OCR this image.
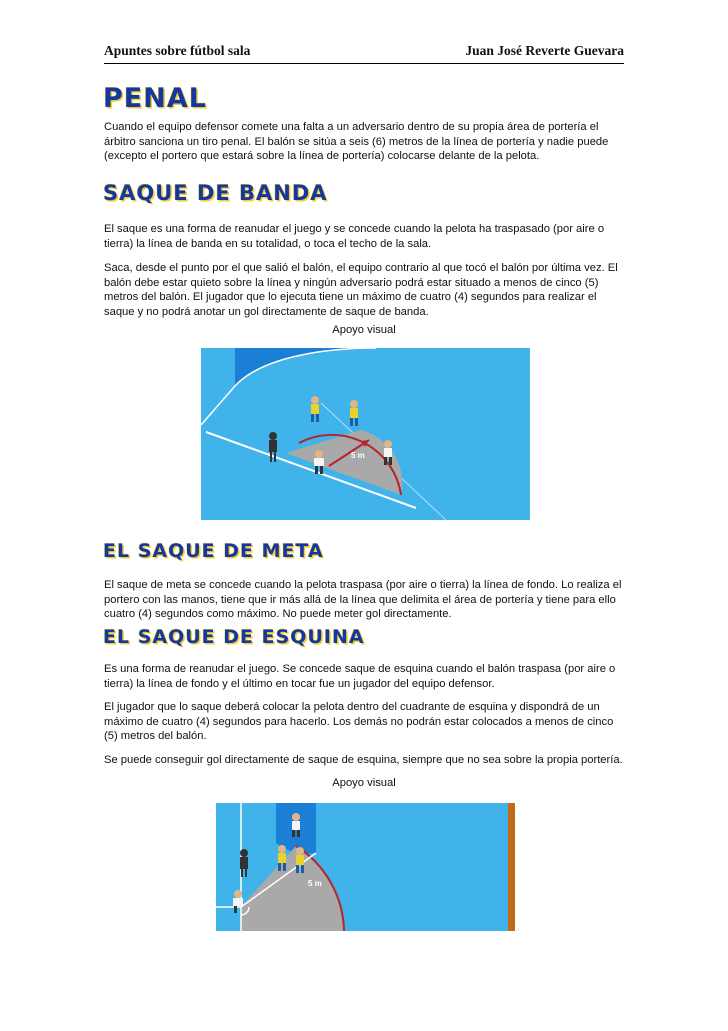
Apuntes sobre fútbol sala	Juan José Reverte Guevara
PENAL
Cuando el equipo defensor comete una falta a un adversario dentro de su propia área de portería el árbitro sanciona un tiro penal. El balón se sitúa a seis (6) metros de la línea de portería y nadie puede (excepto el portero que estará sobre la línea de portería) colocarse delante de la pelota.
SAQUE DE BANDA
El saque es una forma de reanudar el juego y se concede cuando la pelota ha traspasado (por aire o tierra) la línea de banda en su totalidad, o toca el techo de la sala.
Saca, desde el punto por el que salió el balón, el equipo contrario al que tocó el balón por última vez. El balón debe estar quieto sobre la línea y ningún adversario podrá estar situado a menos de cinco (5) metros del balón. El jugador que lo ejecuta tiene un máximo de cuatro (4) segundos para realizar el saque y no podrá anotar un gol directamente de saque de banda.
Apoyo visual
5 m
EL SAQUE DE META
El saque de meta se concede cuando la pelota traspasa (por aire o tierra) la línea de fondo. Lo realiza el portero con las manos, tiene que ir más allá de la línea que delimita el área de portería y tiene para ello cuatro (4) segundos como máximo. No puede meter gol directamente.
EL SAQUE DE ESQUINA
Es una forma de reanudar el juego. Se concede saque de esquina cuando el balón traspasa (por aire o tierra) la línea de fondo y el último en tocar fue un jugador del equipo defensor.
El jugador que lo saque deberá colocar la pelota dentro del cuadrante de esquina y dispondrá de un máximo de cuatro (4) segundos para hacerlo. Los demás no podrán estar colocados a menos de cinco (5) metros del balón.
Se puede conseguir gol directamente de saque de esquina, siempre que no sea sobre la propia portería.
Apoyo visual
5 m
